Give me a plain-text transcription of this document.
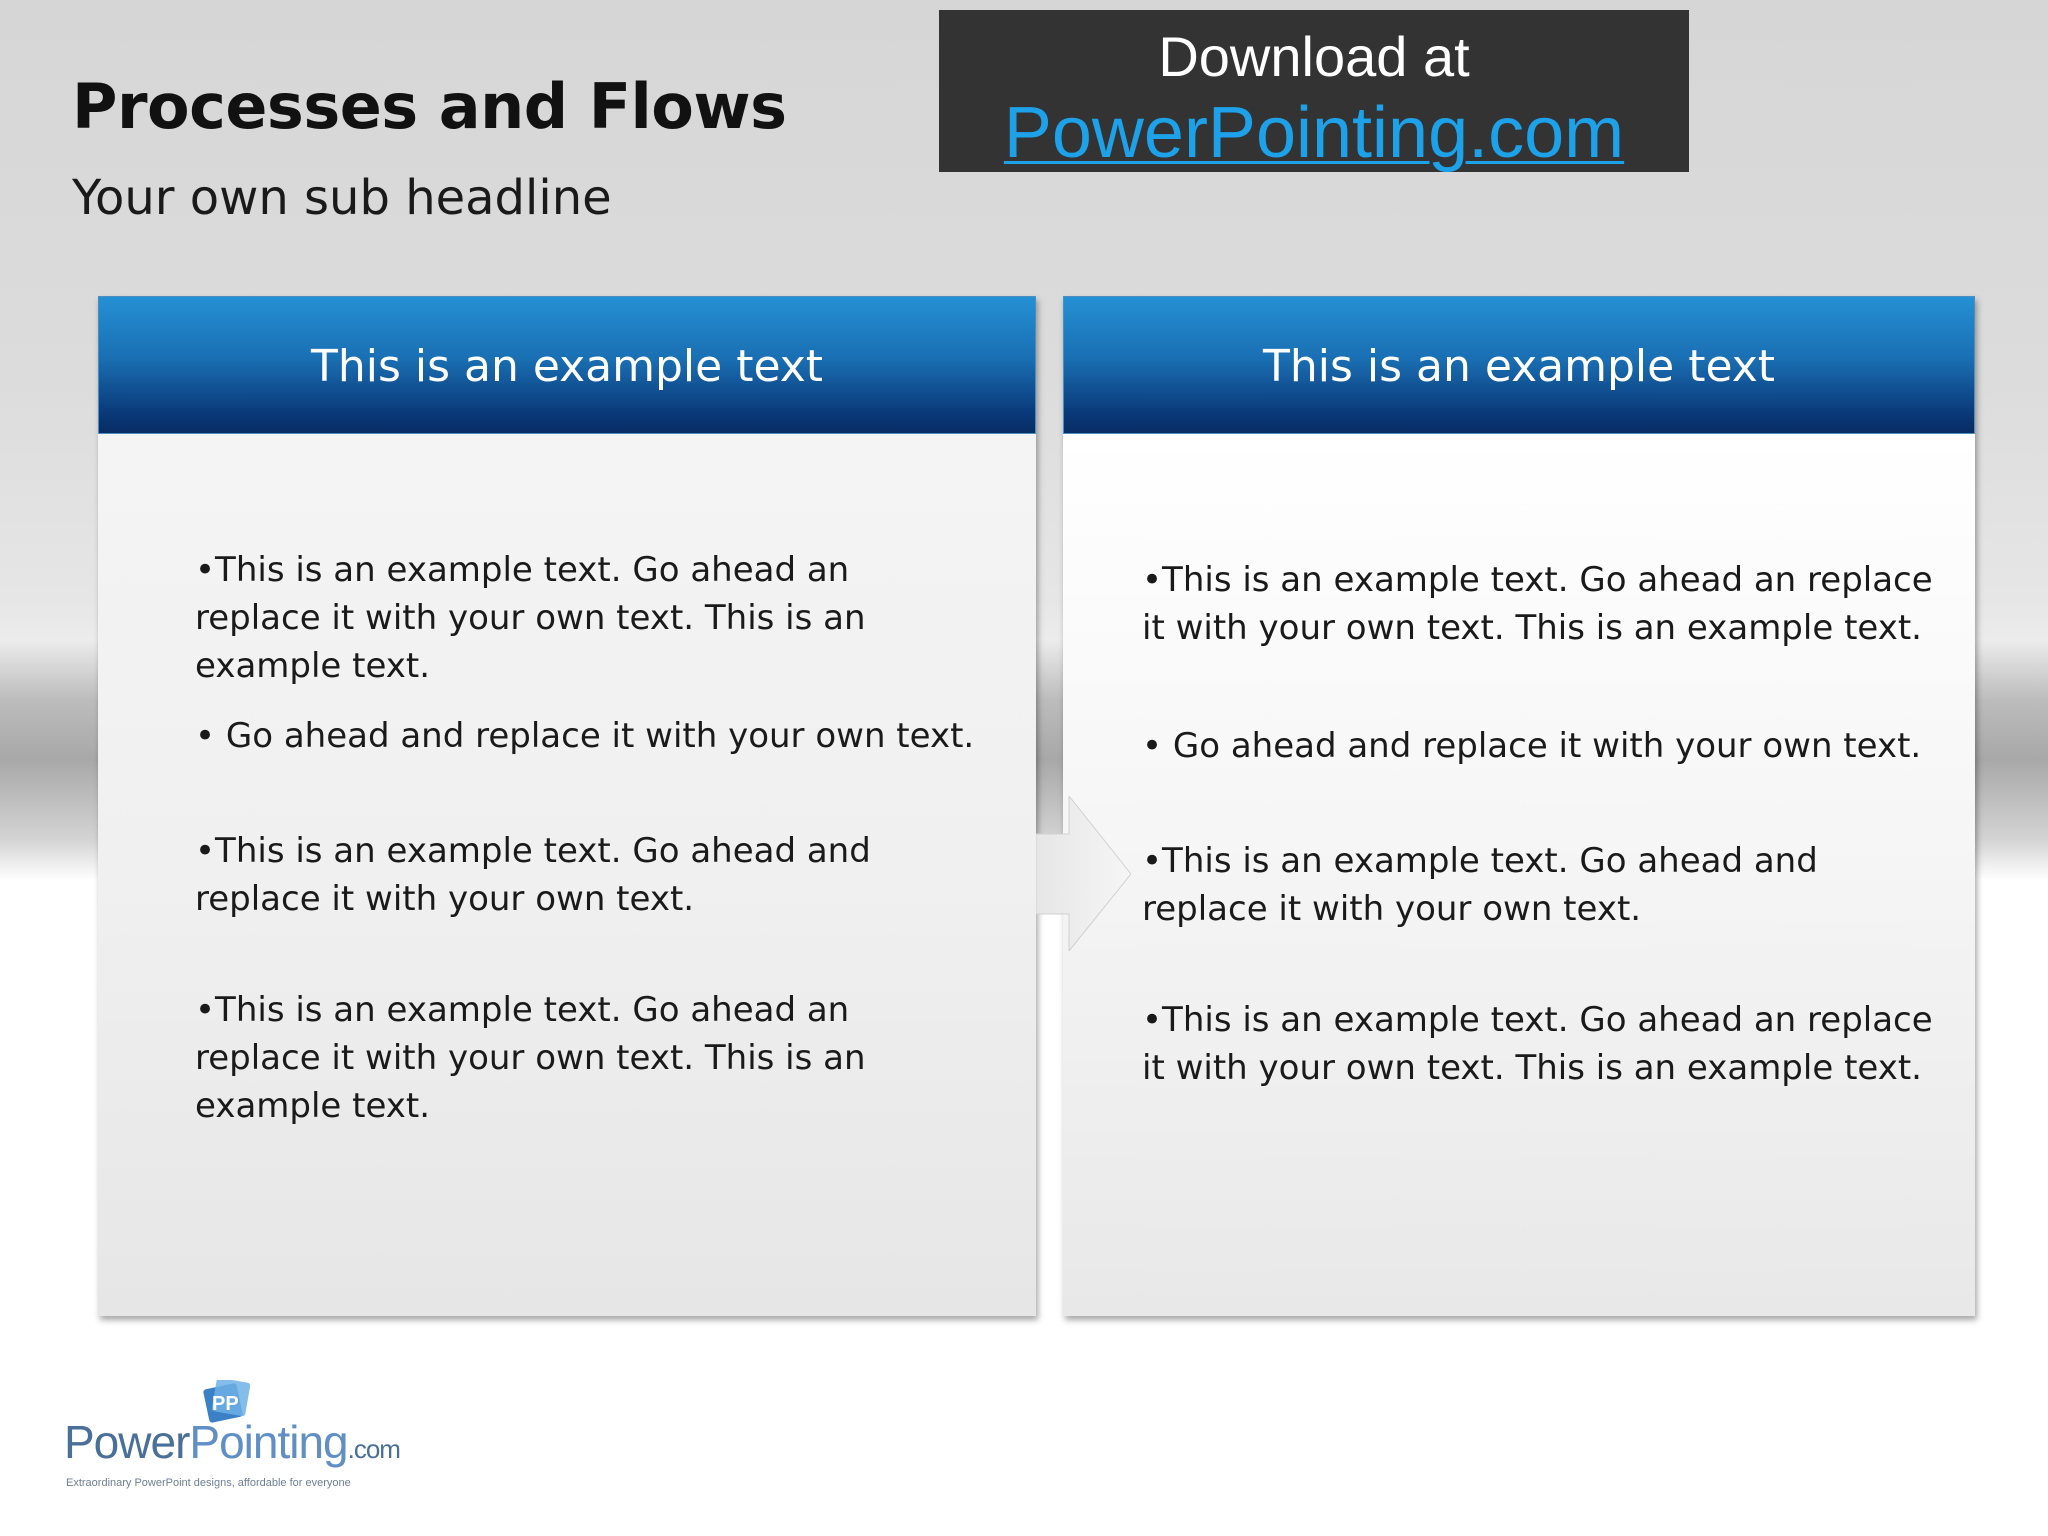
Processes and Flows
Your own sub headline
Download at
PowerPointing.com
This is an example text
•This is an example text. Go ahead an replace it with your own text. This is an example text.
• Go ahead and replace it with your own text.
•This is an example text. Go ahead and replace it with your own text.
•This is an example text. Go ahead an replace it with your own text. This is an example text.
This is an example text
•This is an example text. Go ahead an replace it with your own text. This is an example text.
• Go ahead and replace it with your own text.
•This is an example text. Go ahead and replace it with your own text.
•This is an example text. Go ahead an replace it with your own text. This is an example text.
PP
PowerPointing.com
Extraordinary PowerPoint designs, affordable for everyone
